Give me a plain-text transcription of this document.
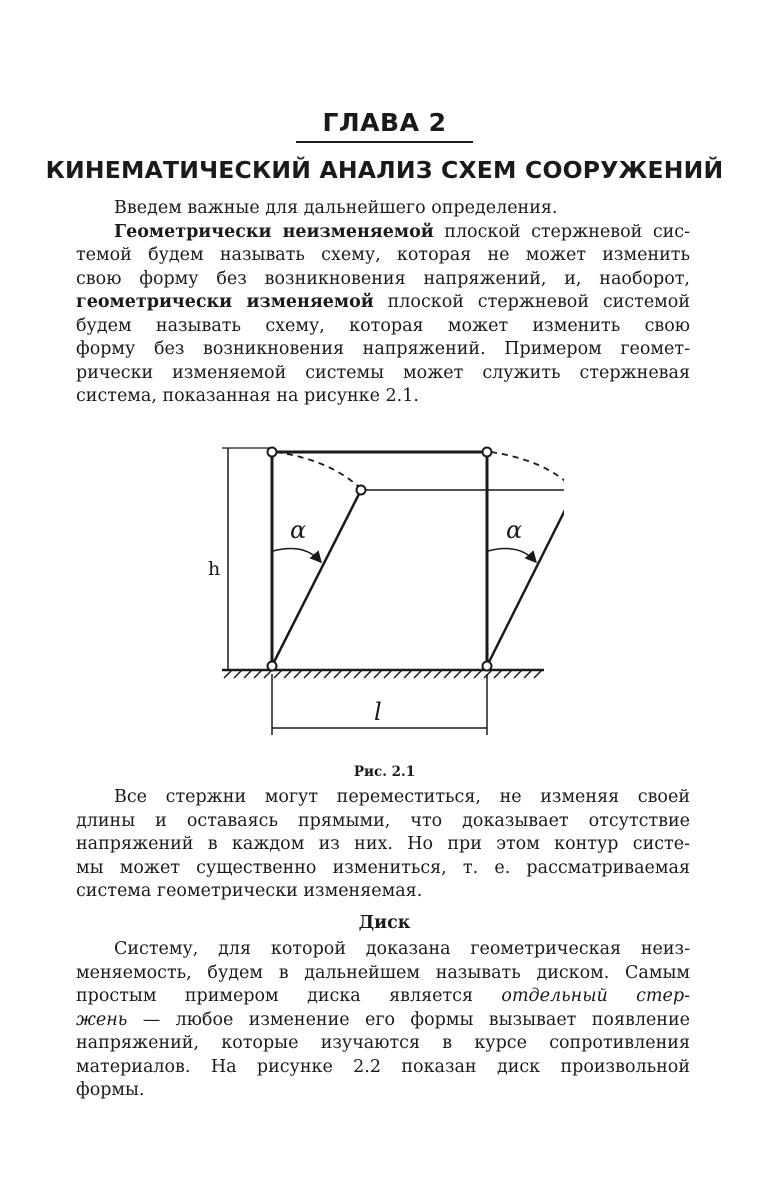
ГЛАВА 2
КИНЕМАТИЧЕСКИЙ АНАЛИЗ СХЕМ СООРУЖЕНИЙ
Введем важные для дальнейшего определения.
Геометрически неизменяемой плоской стержневой сис-
темой будем называть схему, которая не может изменить
свою форму без возникновения напряжений, и, наоборот,
геометрически изменяемой плоской стержневой системой
будем называть схему, которая может изменить свою
форму без возникновения напряжений. Примером геомет-
рически изменяемой системы может служить стержневая
система, показанная на рисунке 2.1.
h
l
α	α
Рис. 2.1
Все стержни могут переместиться, не изменяя своей
длины и оставаясь прямыми, что доказывает отсутствие
напряжений в каждом из них. Но при этом контур систе-
мы может существенно измениться, т. е. рассматриваемая
система геометрически изменяемая.
Диск
Систему, для которой доказана геометрическая неиз-
меняемость, будем в дальнейшем называть диском. Самым
простым примером диска является отдельный стер-
жень — любое изменение его формы вызывает появление
напряжений, которые изучаются в курсе сопротивления
материалов. На рисунке 2.2 показан диск произвольной
формы.
